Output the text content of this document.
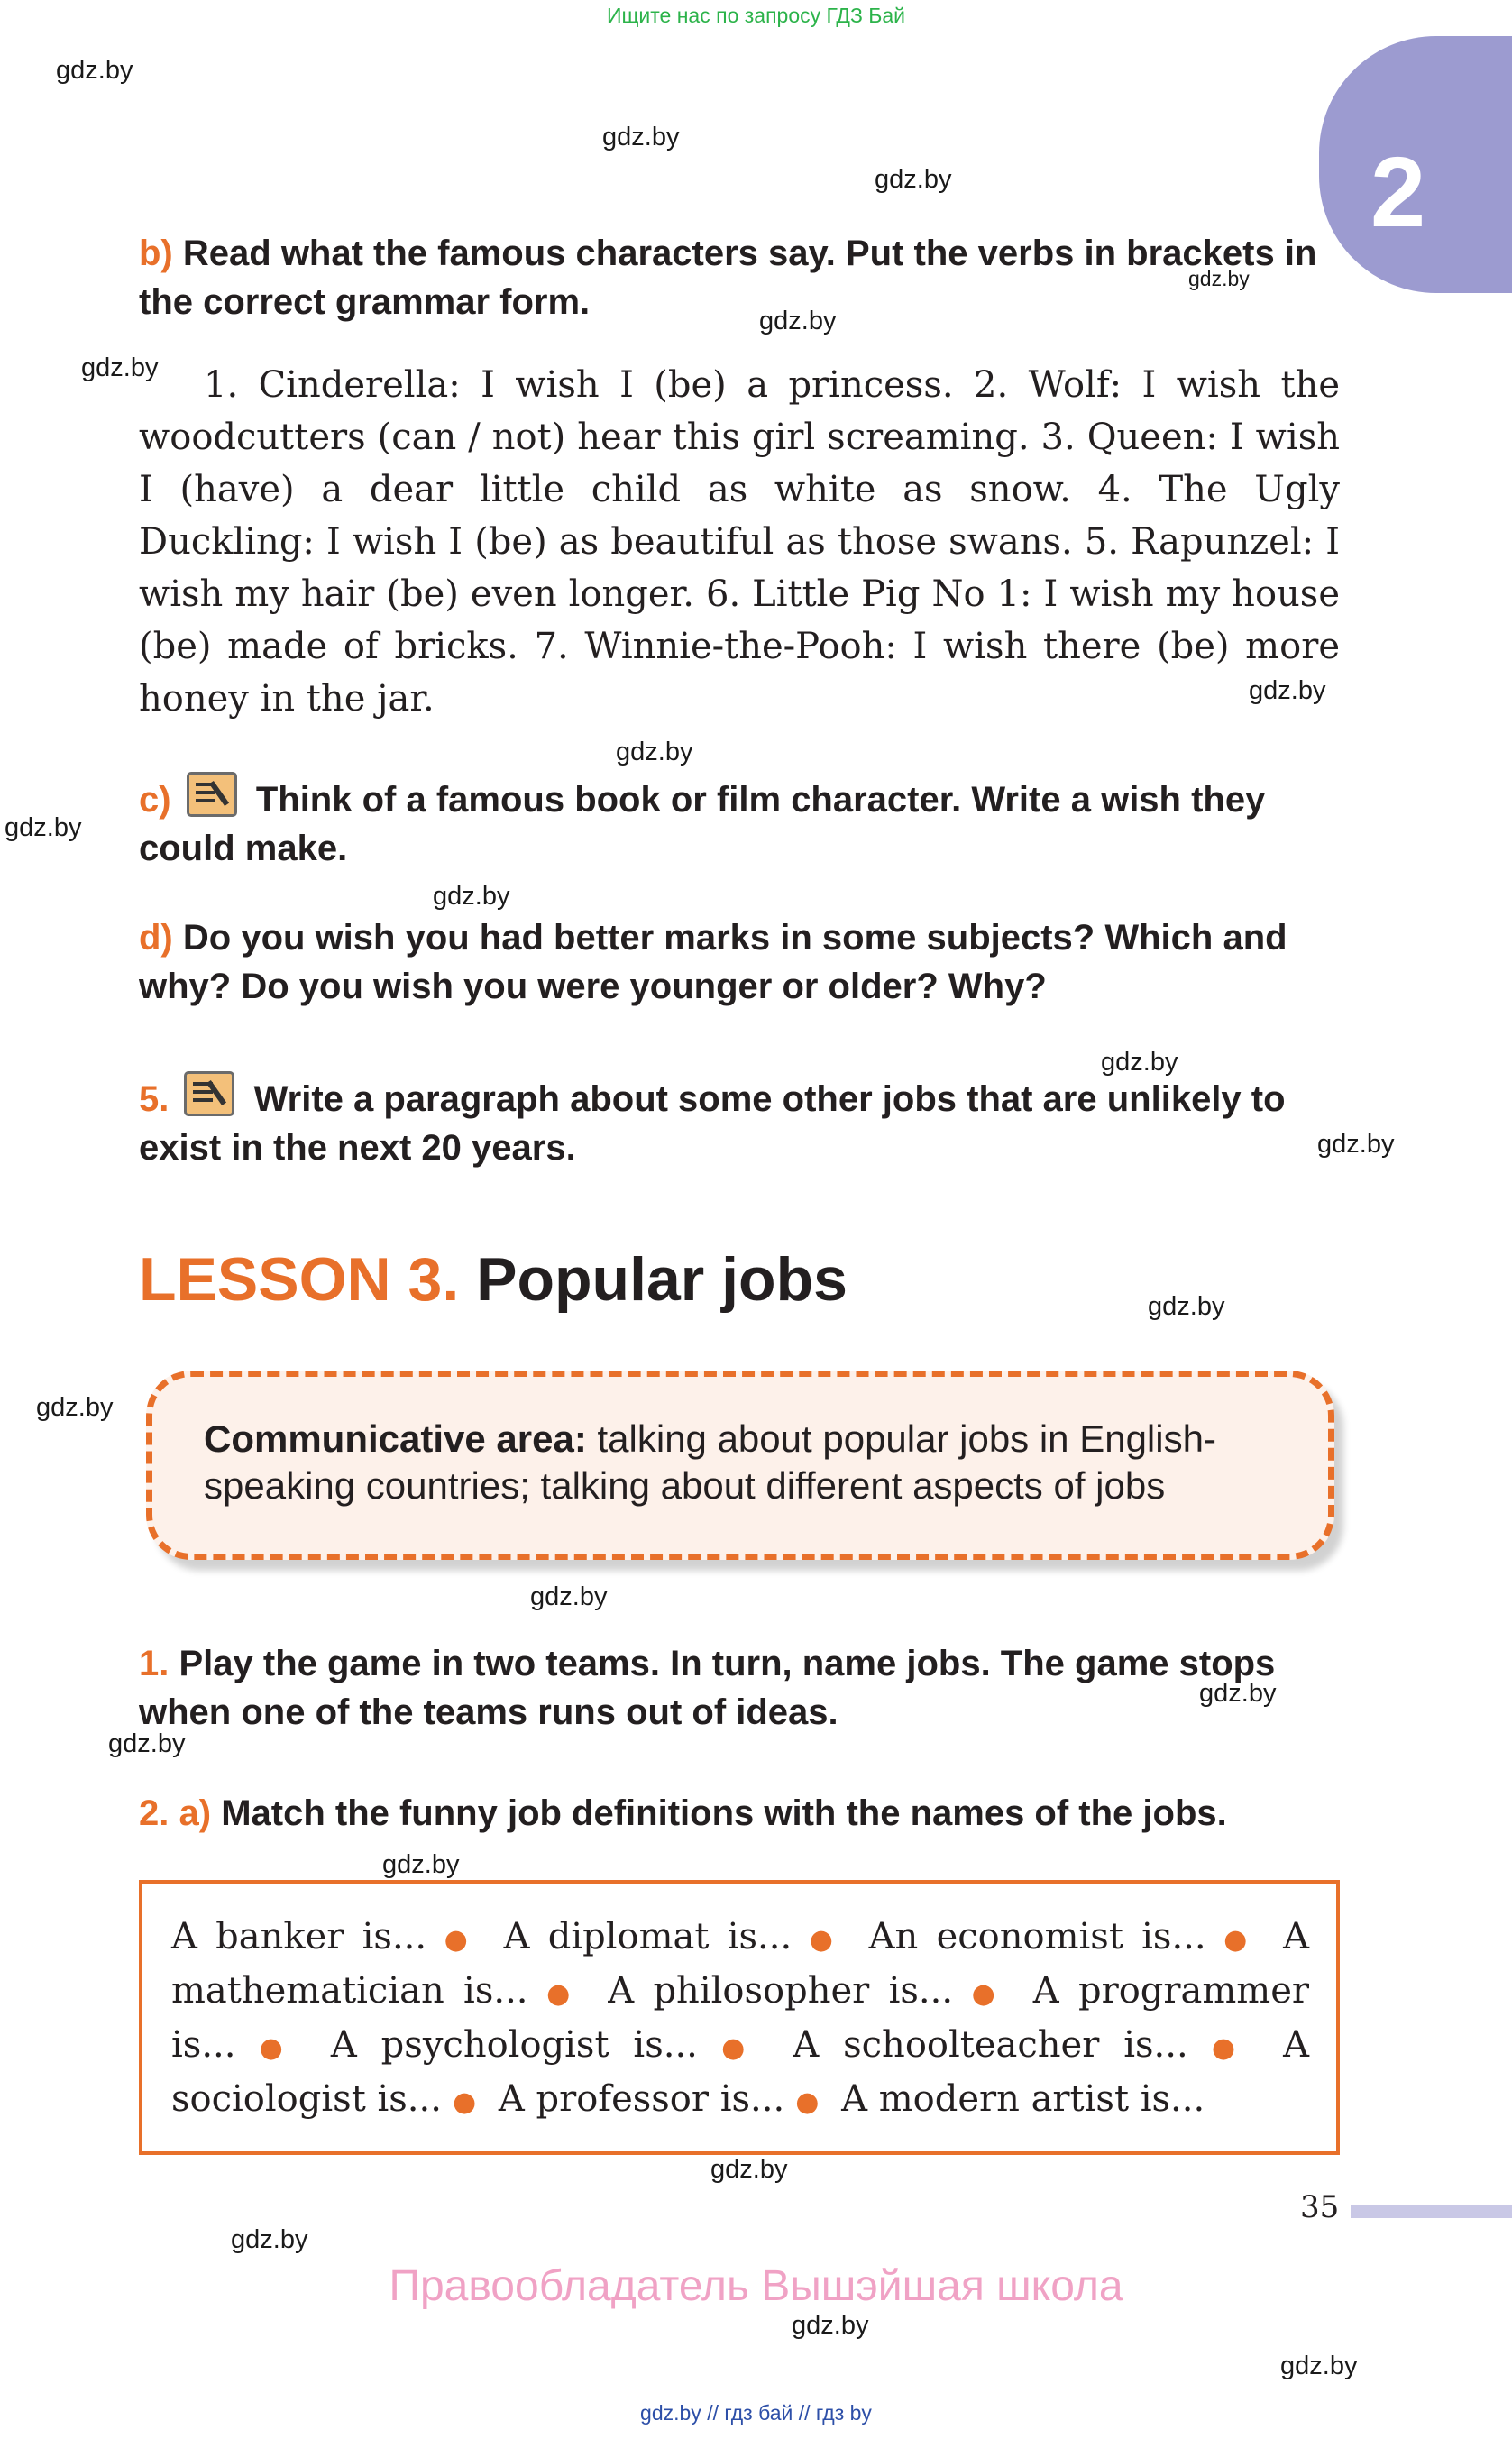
Ищите нас по запросу ГДЗ Бай
2
gdz.by
gdz.by
gdz.by
gdz.by
gdz.by
gdz.by
gdz.by
gdz.by
gdz.by
gdz.by
gdz.by
gdz.by
gdz.by
gdz.by
gdz.by
gdz.by
gdz.by
gdz.by
gdz.by
gdz.by
gdz.by
gdz.by
b) Read what the famous characters say. Put the verbs in brackets in the correct grammar form.
1. Cinderella: I wish I (be) a princess. 2. Wolf: I wish the woodcutters (can / not) hear this girl screaming. 3. Queen: I wish I (have) a dear little child as white as snow. 4. The Ugly Duckling: I wish I (be) as beautiful as those swans. 5. Rapunzel: I wish my hair (be) even longer. 6. Little Pig No 1: I wish my house (be) made of bricks. 7. Winnie-the-Pooh: I wish there (be) more honey in the jar.
c) Think of a famous book or film character. Write a wish they could make.
d) Do you wish you had better marks in some subjects? Which and why? Do you wish you were younger or older? Why?
5. Write a paragraph about some other jobs that are unlikely to exist in the next 20 years.
LESSON 3. Popular jobs
Communicative area: talking about popular jobs in English-speaking countries; talking about different aspects of jobs
1. Play the game in two teams. In turn, name jobs. The game stops when one of the teams runs out of ideas.
2. a) Match the funny job definitions with the names of the jobs.
A banker is... ● A diplomat is... ● An economist is... ● A mathematician is... ● A philosopher is... ● A programmer is... ● A psychologist is... ● A schoolteacher is... ● A sociologist is... ● A professor is... ● A modern artist is...
35
Правообладатель Вышэйшая школа
gdz.by // гдз бай // гдз by
